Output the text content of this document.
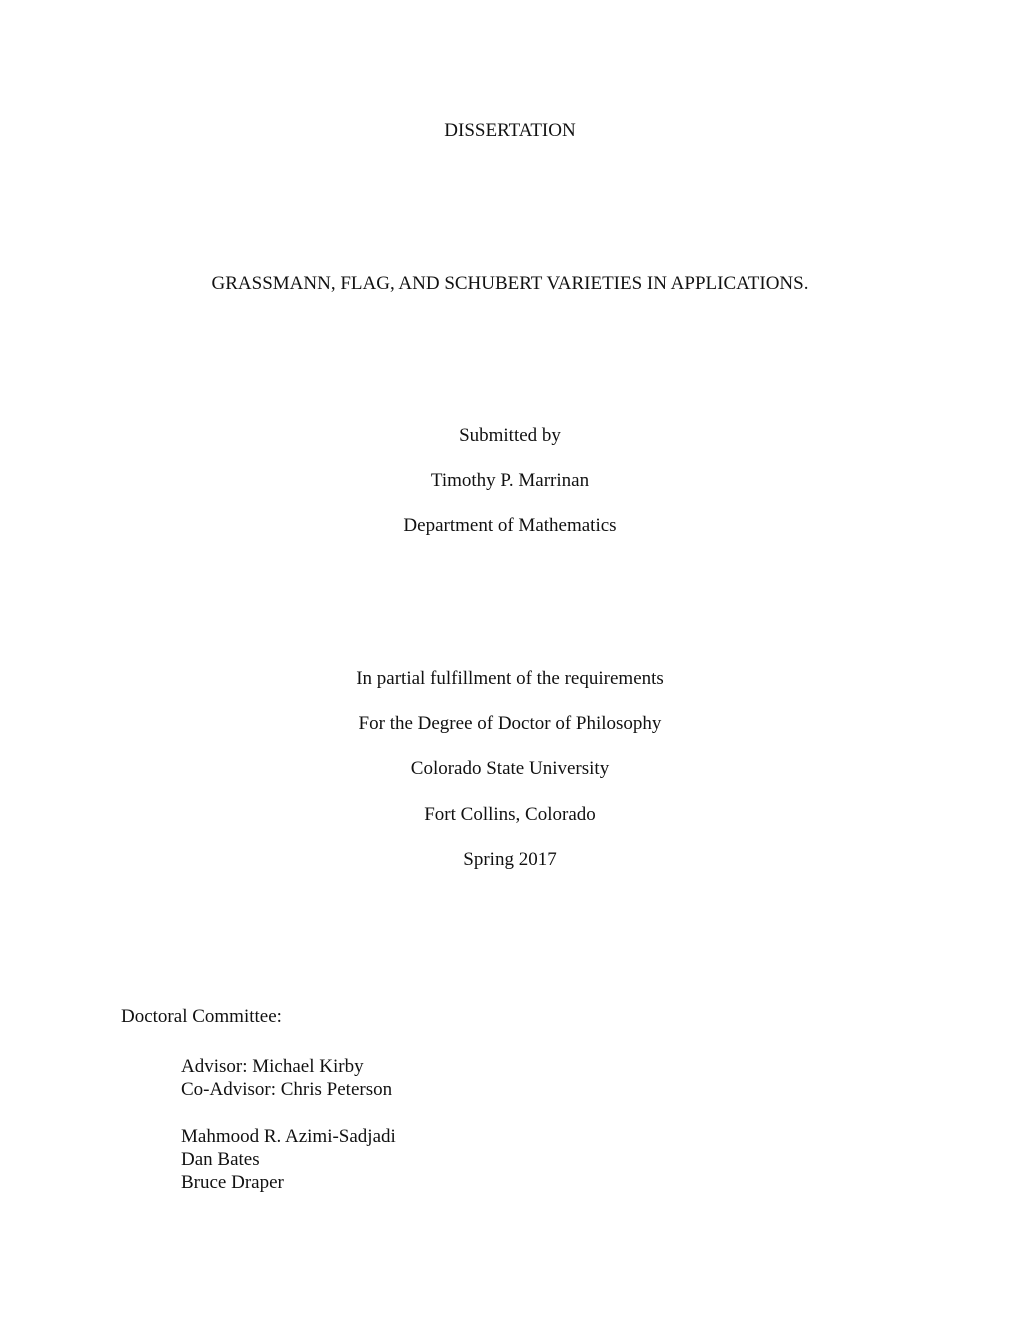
DISSERTATION
GRASSMANN, FLAG, AND SCHUBERT VARIETIES IN APPLICATIONS.
Submitted by
Timothy P. Marrinan
Department of Mathematics
In partial fulfillment of the requirements
For the Degree of Doctor of Philosophy
Colorado State University
Fort Collins, Colorado
Spring 2017
Doctoral Committee:
Advisor: Michael Kirby
Co-Advisor: Chris Peterson
Mahmood R. Azimi-Sadjadi
Dan Bates
Bruce Draper
